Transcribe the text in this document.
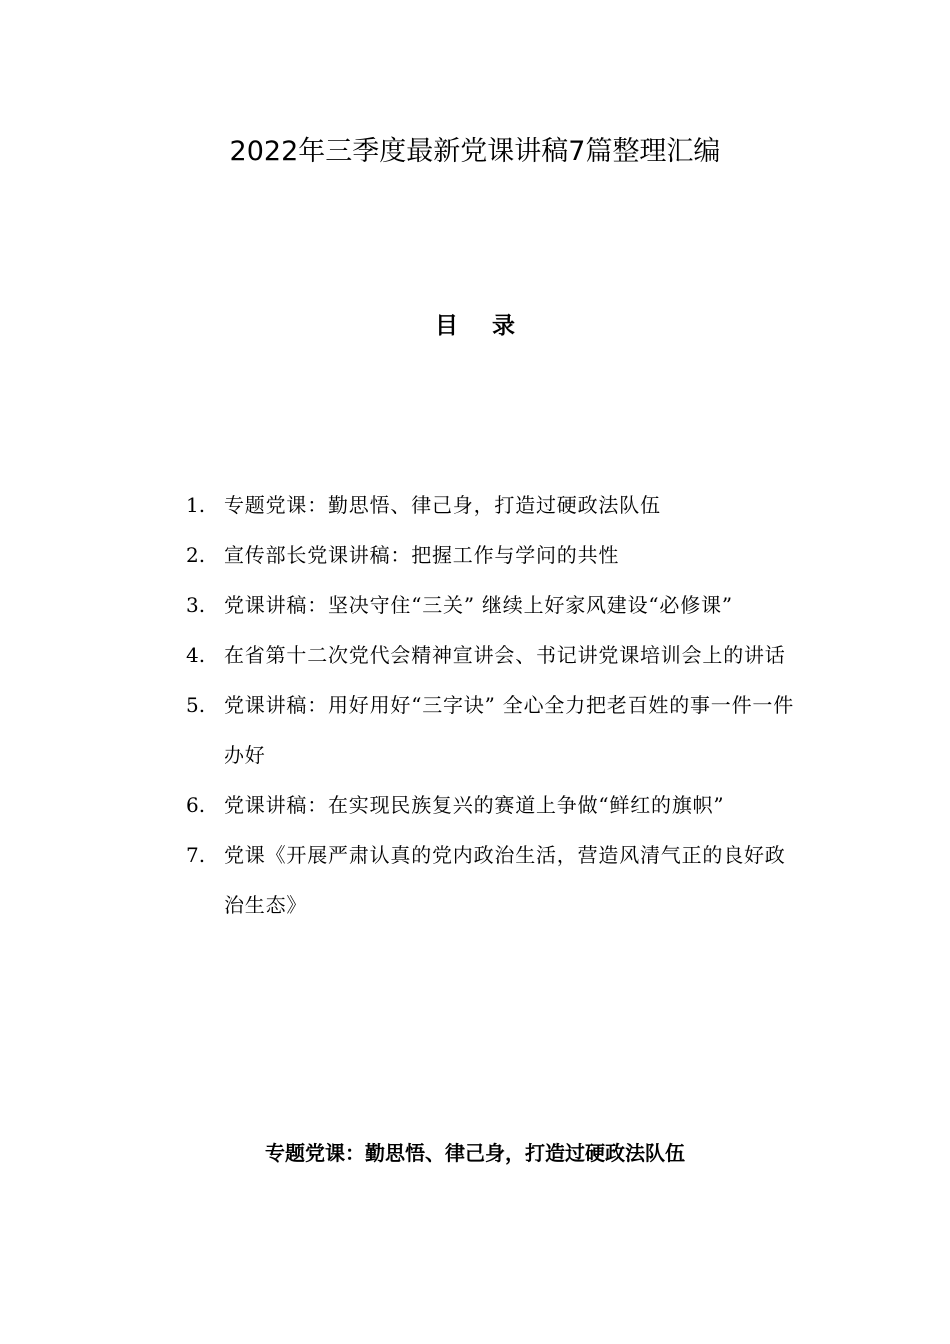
2022年三季度最新党课讲稿7篇整理汇编
目 录
1. 专题党课：勤思悟、律己身，打造过硬政法队伍
2. 宣传部长党课讲稿：把握工作与学问的共性
3. 党课讲稿：坚决守住“三关” 继续上好家风建设“必修课”
4. 在省第十二次党代会精神宣讲会、书记讲党课培训会上的讲话
5. 党课讲稿：用好用好“三字诀” 全心全力把老百姓的事一件一件办好
6. 党课讲稿：在实现民族复兴的赛道上争做“鲜红的旗帜”
7. 党课《开展严肃认真的党内政治生活，营造风清气正的良好政治生态》
专题党课：勤思悟、律己身，打造过硬政法队伍
